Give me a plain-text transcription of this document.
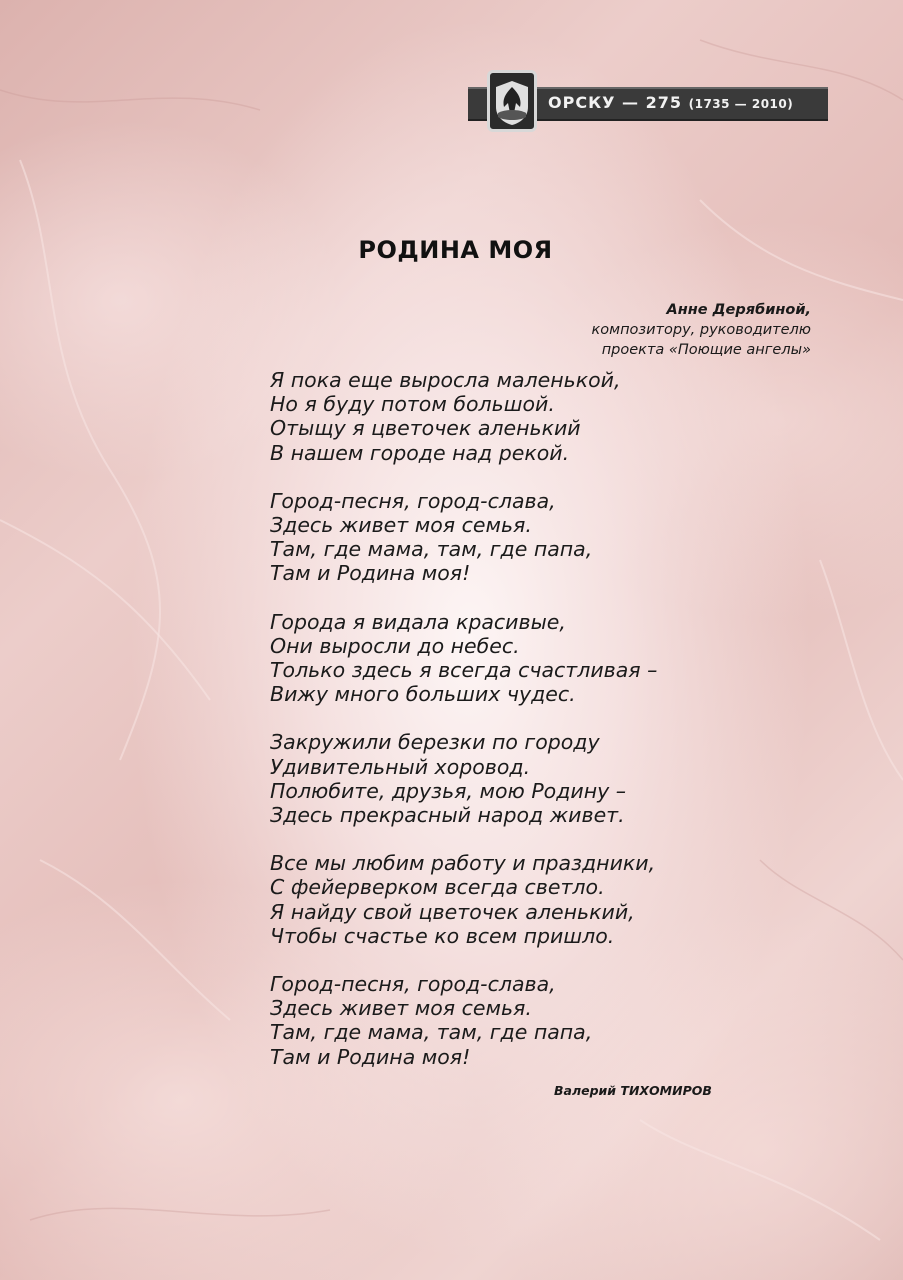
ОРСКУ — 275 (1735 — 2010)
РОДИНА МОЯ
Анне Дерябиной,
композитору, руководителю
проекта «Поющие ангелы»
Я пока еще выросла маленькой,
Но я буду потом большой.
Отыщу я цветочек аленький
В нашем городе над рекой.
Город-песня, город-слава,
Здесь живет моя семья.
Там, где мама, там, где папа,
Там и Родина моя!
Города я видала красивые,
Они выросли до небес.
Только здесь я всегда счастливая –
Вижу много больших чудес.
Закружили березки по городу
Удивительный хоровод.
Полюбите, друзья, мою Родину –
Здесь прекрасный народ живет.
Все мы любим работу и праздники,
С фейерверком всегда светло.
Я найду свой цветочек аленький,
Чтобы счастье ко всем пришло.
Город-песня, город-слава,
Здесь живет моя семья.
Там, где мама, там, где папа,
Там и Родина моя!
Валерий ТИХОМИРОВ
